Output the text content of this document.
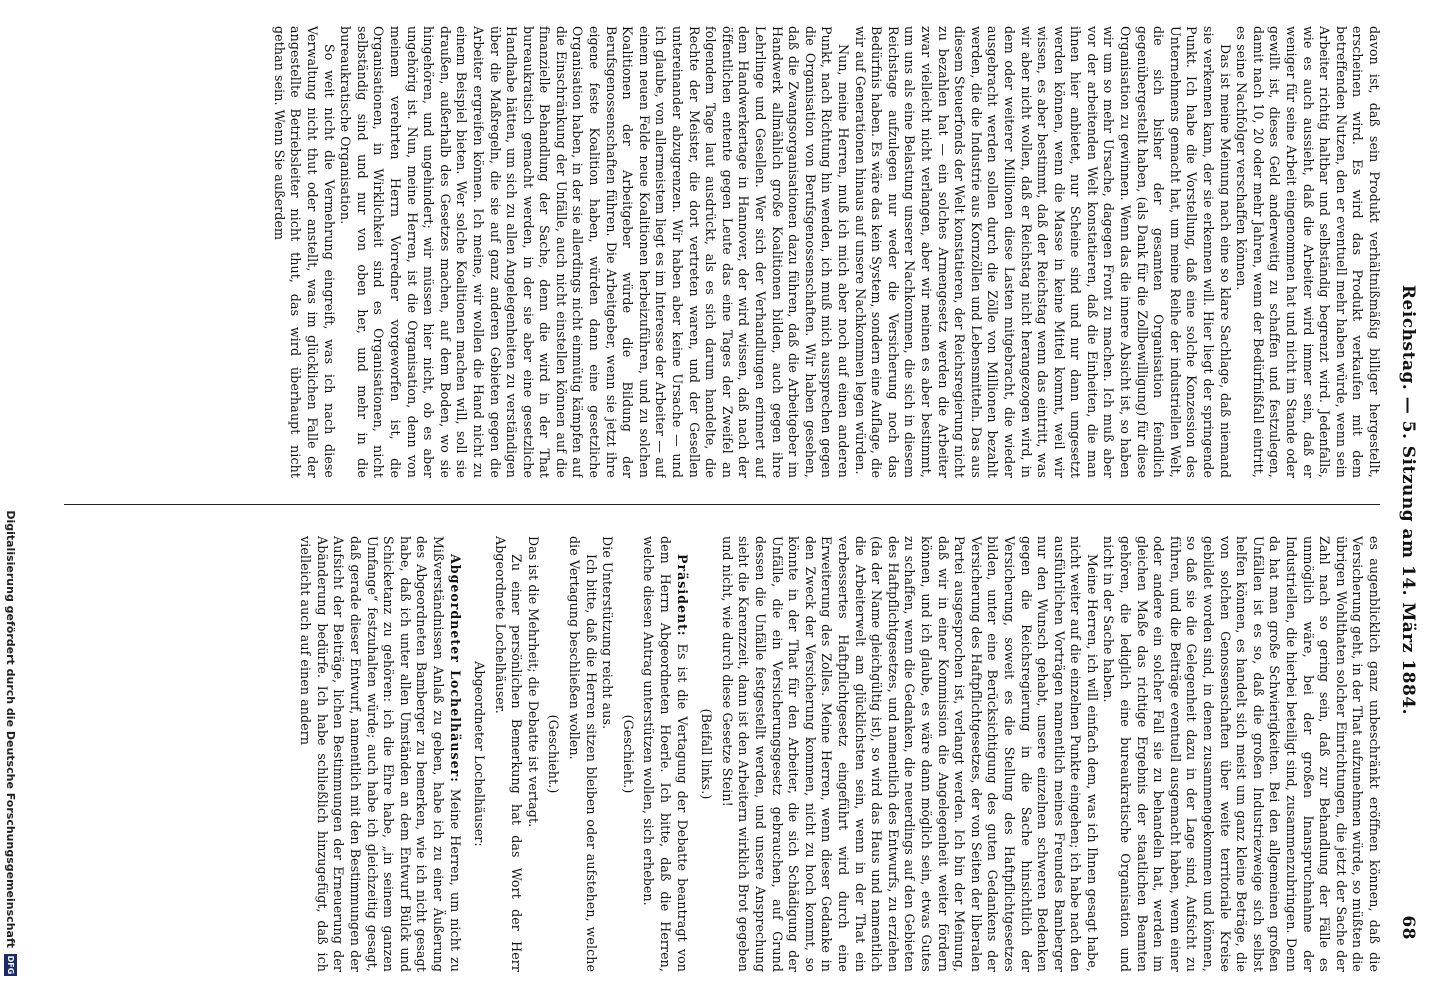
Reichstag. — 5. Sitzung am 14. März 1884.
68

davon ist, daß sein Produkt verhältnißmäßig billiger hergestellt, erscheinen wird. Es wird das Produkt verkaufen mit dem betreffenden Nutzen, den er eventuell mehr haben würde, wenn sein Arbeiter richtig haltbar und selbständig begrenzt wird. Jedenfalls, wie es auch aussieht, daß die Arbeiter wird immer sein, daß er weniger für seine Arbeit eingenommen hat und nicht im Stande oder gewillt ist, dieses Geld anderweitig zu schaffen und festzulegen, damit nach 10, 20 oder mehr Jahren, wenn der Bedürfnißfall eintritt, es seine Nachfolger verschaffen können.

Das ist meine Meinung nach eine so klare Sachlage, daß niemand sie verkennen kann, der sie erkennen will. Hier liegt der springende Punkt. Ich habe die Vorstellung, daß eine solche Konzession des Unternehmens gemacht hat, um meine Reihe der industriellen Welt, die sich bisher der gesamten Organisation feindlich gegenübergestellt haben, (als Dank für die Zollbewilligung) für diese Organisation zu gewinnen. Wenn das die innere Absicht ist, so haben wir um so mehr Ursache, dagegen Front zu machen. Ich muß aber vor der arbeitenden Welt konstatieren, daß die Einheiten, die man ihnen hier anbietet, nur Scheine sind und nur dann umgesetzt werden können, wenn die Masse in keine Mittel kommt, weil wir wissen, es aber bestimmt, daß der Reichstag wenn das eintritt, was wir aber nicht wollen, daß er Reichstag nicht herangezogen wird, in dem oder weiterer Millionen diese Lasten mitgebracht, die wieder ausgebracht werden sollen durch die Zölle von Millionen bezahlt werden, die die Industrie aus Kornzöllen und Lebensmitteln. Das aus diesem Steuerfonds der Welt konstatieren, der Reichsregierung nicht zu bezahlen hat — ein solches Armengesetz werden die Arbeiter zwar vielleicht nicht verlangen, aber wir meinen es aber bestimmt, um uns als eine Belastung unserer Nachkommen, die sich in diesem Reichstage aufzulegen nur weder die Versicherung noch das Bedürfnis haben. Es wäre das kein System, sondern eine Auflage, die wir auf Generationen hinaus auf unsere Nachkommen legen würden.

Nun, meine Herren, muß ich mich aber noch auf einen anderen Punkt, nach Richtung hin wenden, ich muß mich aussprechen gegen die Organisation von Berufsgenossenschaften. Wir haben gesehen, daß die Zwangsorganisationen dazu führen, daß die Arbeitgeber im Handwerk allmählich große Koalitionen bilden, auch gegen ihre Lehrlinge und Gesellen. Wer sich der Verhandlungen erinnert auf dem Handwerkertage in Hannover, der wird wissen, daß nach der öffentlichen entente gegen Leute das eine Tages der Zweifel an folgendem Tage laut ausdrückt, als es sich darum handelte, die Rechte der Meister, die dort vertreten waren, und der Gesellen untereinander abzugrenzen. Wir haben aber keine Ursache — und ich glaube, von allermeistem liegt es im Interesse der Arbeiter — auf einem neuen Felde neue Koalitionen herbeizuführen, und zu solchen Koalitionen der Arbeitgeber würde die Bildung der Berufsgenossenschaften führen. Die Arbeitgeber, wenn sie jetzt ihre eigene feste Koalition haben, würden dann eine gesetzliche Organisation haben, in der sie allerdings nicht einmütig kämpfen auf die Einschränkung der Unfälle, auch nicht einstellen können auf die finanzielle Behandlung der Sache, denn die wird in der That bureaukratisch gemacht werden, in der sie aber eine gesetzliche Handhabe hätten, um sich zu allen Angelegenheiten zu verständigen über die Maßregeln, die sie auf ganz anderen Gebieten gegen die Arbeiter ergreifen können. Ich meine, wir wollen die Hand nicht zu einem Beispiel bieten. Wer solche Koalitionen machen will, soll sie draußen, außerhalb des Gesetzes machen, auf dem Boden, wo sie hingehören, und ungehindert; wir müssen hier nicht, ob es aber ungehörig ist. Nun, meine Herren, ist die Organisation, denn von meinem verehrten Herrn Vorredner vorgeworfen ist, die Organisationen, in Wirklichkeit sind es Organisationen, nicht selbständig sind und nur von oben her, und mehr in die bureaukratische Organisation.

So weit nicht die Vermehrung eingreift, was ich nach diese Verwaltung nicht thut oder anstellt, was im glücklichen Falle der angestellte Betriebsleiter nicht thut, das wird überhaupt nicht gethan sein. Wenn Sie außerdem

es augenblicklich ganz unbeschränkt eröffnen können, daß die Versicherung geht, in der That aufzunehmen würde, so müßten die übrigen Wohlthaten solcher Einrichtungen, die jetzt der Sache der Zahl nach so gering sein, daß zur Behandlung der Fälle es unmöglich wäre, bei der großen Inanspruchnahme der Industriellen, die hierbei beteiligt sind, zusammenzubringen. Denn da hat man große Schwierigkeiten. Bei den allgemeinen großen Unfällen ist es so, daß die großen Industriezweige sich selbst helfen können, es handelt sich meist um ganz kleine Beträge, die von solchen Genossenschaften über weite territoriale Kreise gebildet worden sind, in denen zusammengekommen und können, so daß sie die Gelegenheit dazu in der Lage sind, Aufsicht zu führen, und die Beiträge eventuell ausgemacht haben, wenn einer oder andere ein solcher Fall sie zu behandeln hat, werden im gleichen Maße das richtige Ergebnis der staatlichen Beamten gehören, die lediglich eine bureaukratische Organisation und nicht in der Sache haben.

Meine Herren, ich will einfach dem, was ich Ihnen gesagt habe, nicht weiter auf die einzelnen Punkte eingehen; ich habe nach den ausführlichen Vorträgen namentlich meines Freundes Bamberger nur den Wunsch gehabt, unsere einzelnen schweren Bedenken gegen die Reichsregierung in die Sache hinsichtlich der Versicherung, soweit es die Stellung des Haftpflichtgesetzes bilden, unter eine Berücksichtigung des guten Gedankens der Versicherung des Haftpflichtgesetzes, der von Seiten der liberalen Partei ausgesprochen ist, verlangt werden. Ich bin der Meinung, daß wir in einer Kommission die Angelegenheit weiter fördern können, und ich glaube, es wäre dann möglich sein, etwas Gutes zu schaffen, wenn die Gedanken, die neuerdings auf den Gebieten des Haftpflichtgesetzes, und namentlich des Entwurfs, zu erziehen (da der Name gleichgültig ist), so wird das Haus und namentlich die Arbeiterwelt am glücklichsten sein, wenn in der That ein verbessertes Haftpflichtgesetz eingeführt wird durch eine Erweiterung des Zolles. Meine Herren, wenn dieser Gedanke in den Zweck der Versicherung kommen, nicht zu hoch kommt, so könnte in der That für den Arbeiter, die sich Schädigung der Unfälle, die ein Versicherungsgesetz gebrauchen, auf Grund dessen die Unfälle festgestellt werden, und unsere Ansprechung sieht die Karenzzeit, dann ist den Arbeitern wirklich Brot gegeben und nicht, wie durch diese Gesetze Stein!

(Beifall links.)

Präsident: Es ist die Vertagung der Debatte beantragt von dem Herrn Abgeordneten Hoerle. Ich bitte, daß die Herren, welche diesen Antrag unterstützen wollen, sich erheben.

(Geschieht.)

Die Unterstützung reicht aus.

Ich bitte, daß die Herren sitzen bleiben oder aufstehen, welche die Vertagung beschließen wollen.

(Geschieht.)

Das ist die Mehrheit; die Debatte ist vertagt.

Zu einer persönlichen Bemerkung hat das Wort der Herr Abgeordnete Lochelhäuser.

Abgeordneter Lochelhäuser:

Abgeordneter Lochelhäuser: Meine Herren, um nicht zu Mißverständnissen Anlaß zu geben, habe ich zu einer Äußerung des Abgeordneten Bamberger zu bemerken, wie ich nicht gesagt habe, daß ich unter allen Umständen an dem Entwurf Bülck und Schicketanz zu gehören: ich die Ehre habe, „in seinem ganzen Umfange“ festzuhalten würde; auch habe ich gleichzeitig gesagt, daß gerade dieser Entwurf, namentlich mit den Bestimmungen der Aufsicht der Beiträge, lichen Bestimmungen der Erneuerung der Abänderung bedürfe. Ich habe schließlich hinzugefügt, daß ich vielleicht auch auf einen andern

Digitalisierung gefördert durch die Deutsche Forschungsgemeinschaft
DFG
